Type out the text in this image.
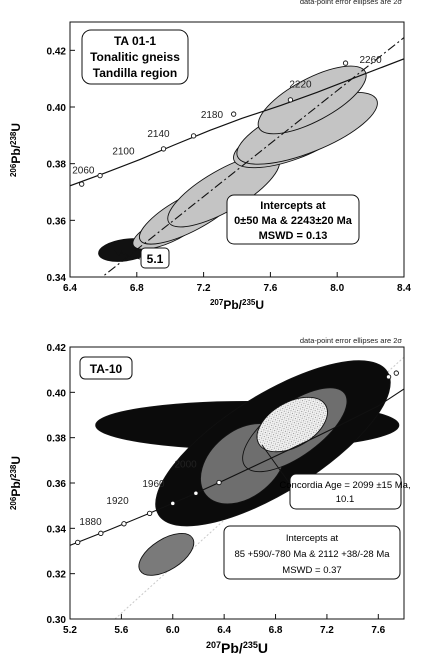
data-point error ellipses are 2σ
6.4	6.8	7.2	7.6	8.0	8.4
0.34
0.36
0.38
0.40
0.42
2060
2100
2140
2180
2220
2260
$^{207}$Pb/$^{235}$U
$^{206}$Pb/$^{238}$U
TA 01-1
Tonalitic gneiss
Tandilla region
Intercepts at
0±50 Ma & 2243±20 Ma
MSWD = 0.13
5.1
data-point error ellipses are 2σ
5.2	5.6	6.0	6.4	6.8	7.2	7.6
0.30
0.32
0.34
0.36
0.38
0.40
0.42
1880
1920
1960
2000
$^{207}$Pb/$^{235}$U
$^{206}$Pb/$^{238}$U
TA-10
Concordia Age = 2099 ±15 Ma,
10.1
Intercepts at
85 +590/-780 Ma & 2112 +38/-28 Ma
MSWD = 0.37
